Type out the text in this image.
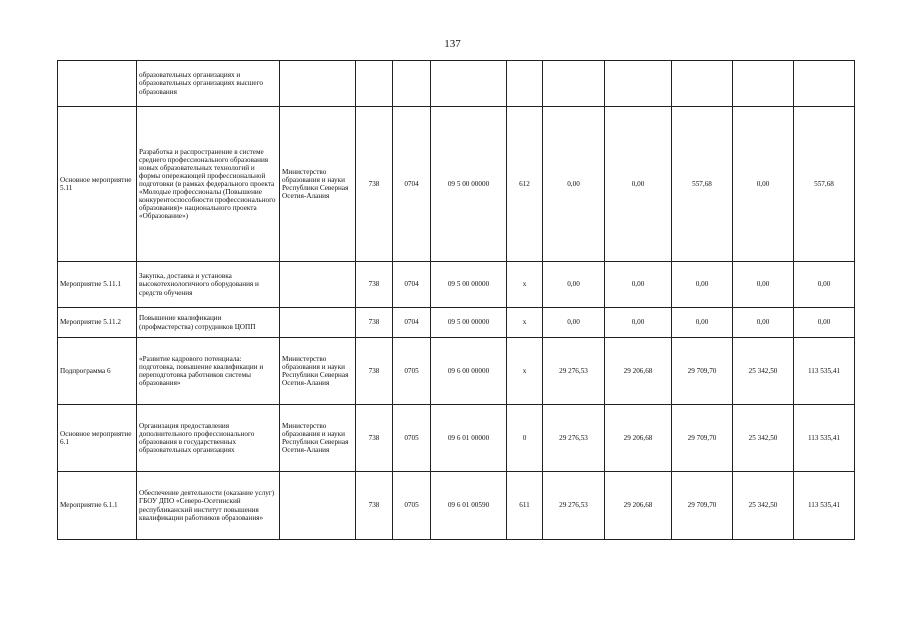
137
	образовательных организациях и образовательных организациях высшего образования										
Основное мероприятие 5.11	Разработка и распространение в системе среднего профессионального образования новых образовательных технологий и формы опережающей профессиональной подготовки (в рамках федерального проекта «Молодые профессионалы (Повышение конкурентоспособности профессионального образования)» национального проекта «Образование»)	Министерство образования и науки Республики Северная Осетия-Алания	738	0704	09 5 00 00000	612	0,00	0,00	557,68	0,00	557,68
Мероприятие 5.11.1	Закупка, доставка и установка высокотехнологичного оборудования и средств обучения		738	0704	09 5 00 00000	х	0,00	0,00	0,00	0,00	0,00
Мероприятие 5.11.2	Повышение квалификации (профмастерства) сотрудников ЦОПП		738	0704	09 5 00 00000	х	0,00	0,00	0,00	0,00	0,00
Подпрограмма 6	«Развитие кадрового потенциала: подготовка, повышение квалификации и переподготовка работников системы образования»	Министерство образования и науки Республики Северная Осетия-Алания	738	0705	09 6 00 00000	х	29 276,53	29 206,68	29 709,70	25 342,50	113 535,41
Основное мероприятие 6.1	Организация предоставления дополнительного профессионального образования в государственных образовательных организациях	Министерство образования и науки Республики Северная Осетия-Алания	738	0705	09 6 01 00000	0	29 276,53	29 206,68	29 709,70	25 342,50	113 535,41
Мероприятие 6.1.1	Обеспечение деятельности (оказание услуг) ГБОУ ДПО «Северо-Осетинский республиканский институт повышения квалификации работников образования»		738	0705	09 6 01 00590	611	29 276,53	29 206,68	29 709,70	25 342,50	113 535,41
